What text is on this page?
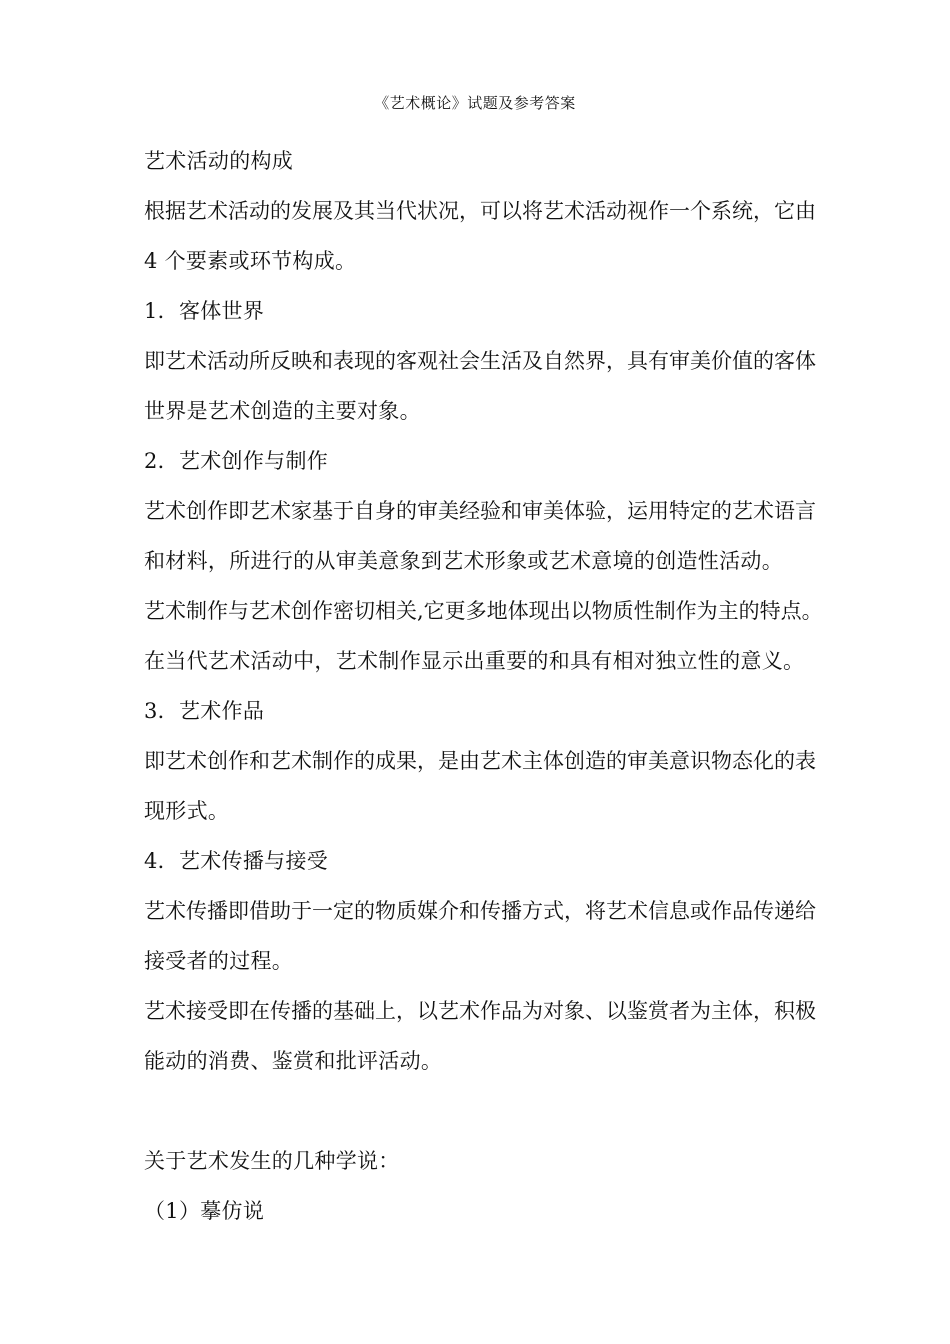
《艺术概论》试题及参考答案
艺术活动的构成
根据艺术活动的发展及其当代状况，可以将艺术活动视作一个系统，它由
4 个要素或环节构成。
1．客体世界
即艺术活动所反映和表现的客观社会生活及自然界，具有审美价值的客体
世界是艺术创造的主要对象。
2．艺术创作与制作
艺术创作即艺术家基于自身的审美经验和审美体验，运用特定的艺术语言
和材料，所进行的从审美意象到艺术形象或艺术意境的创造性活动。
艺术制作与艺术创作密切相关,它更多地体现出以物质性制作为主的特点。
在当代艺术活动中，艺术制作显示出重要的和具有相对独立性的意义。
3．艺术作品
即艺术创作和艺术制作的成果，是由艺术主体创造的审美意识物态化的表
现形式。
4．艺术传播与接受
艺术传播即借助于一定的物质媒介和传播方式，将艺术信息或作品传递给
接受者的过程。
艺术接受即在传播的基础上，以艺术作品为对象、以鉴赏者为主体，积极
能动的消费、鉴赏和批评活动。
关于艺术发生的几种学说：
（1）摹仿说
